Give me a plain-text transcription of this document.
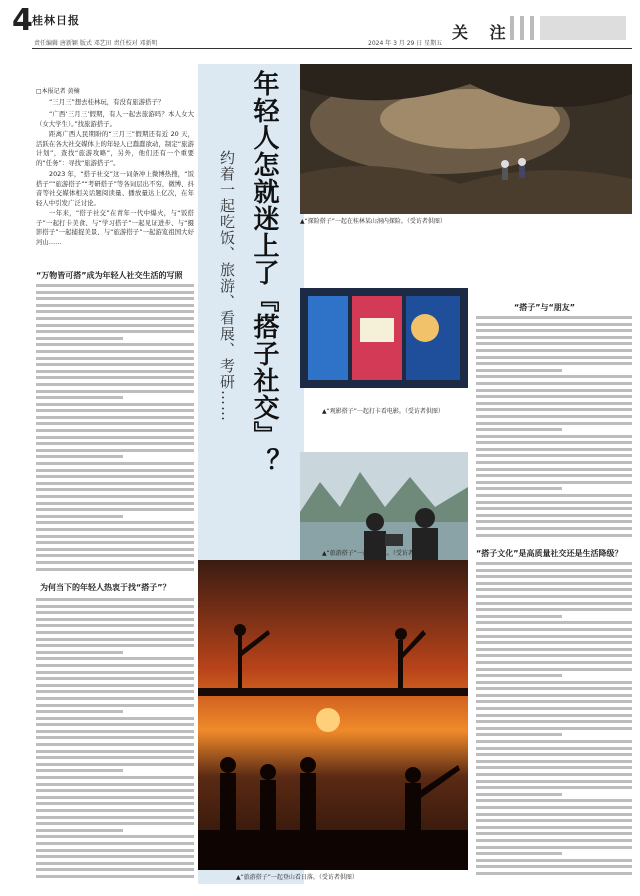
4 桂林日报
责任编辑 唐新颖 版式 邓艺田 责任校对 邓新明	2024 年 3 月 29 日 星期五
关 注
□本报记者 黄楠
“三月三”想去桂林玩，有没有旅游搭子？
“广西‘三月三’假期，有人一起去旅游吗？本人女大（女大学生）。”找旅游搭子。
距离广西人民期盼的“三月三”假期还有近 20 天，活跃在各大社交媒体上的年轻人已蠢蠢欲动，制定“旅游计划”，查找“旅游攻略”，另外，他们还有一个重要的“任务”：寻找“旅游搭子”。
2023 年，“搭子社交”这一词条冲上微博热搜，“饭搭子”“旅游搭子”“考研搭子”等各词层出不穷，微博、抖音等社交媒体相关话题阅读量、播放量达上亿次，在年轻人中引发广泛讨论。
一年来，“搭子社交”在青年一代中爆火，与“饭搭子”一起打卡美食、与“学习搭子”一起见证进步、与“摄影搭子”一起捕捉美景、与“旅游搭子”一起游览祖国大好河山……
“万物皆可搭”成为年轻人社交生活的写照
为何当下的年轻人热衷于找“搭子”？
年轻人怎就迷上了『搭子社交』？
约着一起吃饭、旅游、看展、考研……	▲“探险搭子”一起在桂林某山洞内探险。（受访者供图）
▲“观影搭子”一起打卡看电影。（受访者供图）
▲“旅游搭子”一起游漓江。（受访者供图）
▲“旅游搭子”一起登山看日落。（受访者供图）
“搭子”与“朋友”
“搭子文化”是高质量社交还是生活降级？
